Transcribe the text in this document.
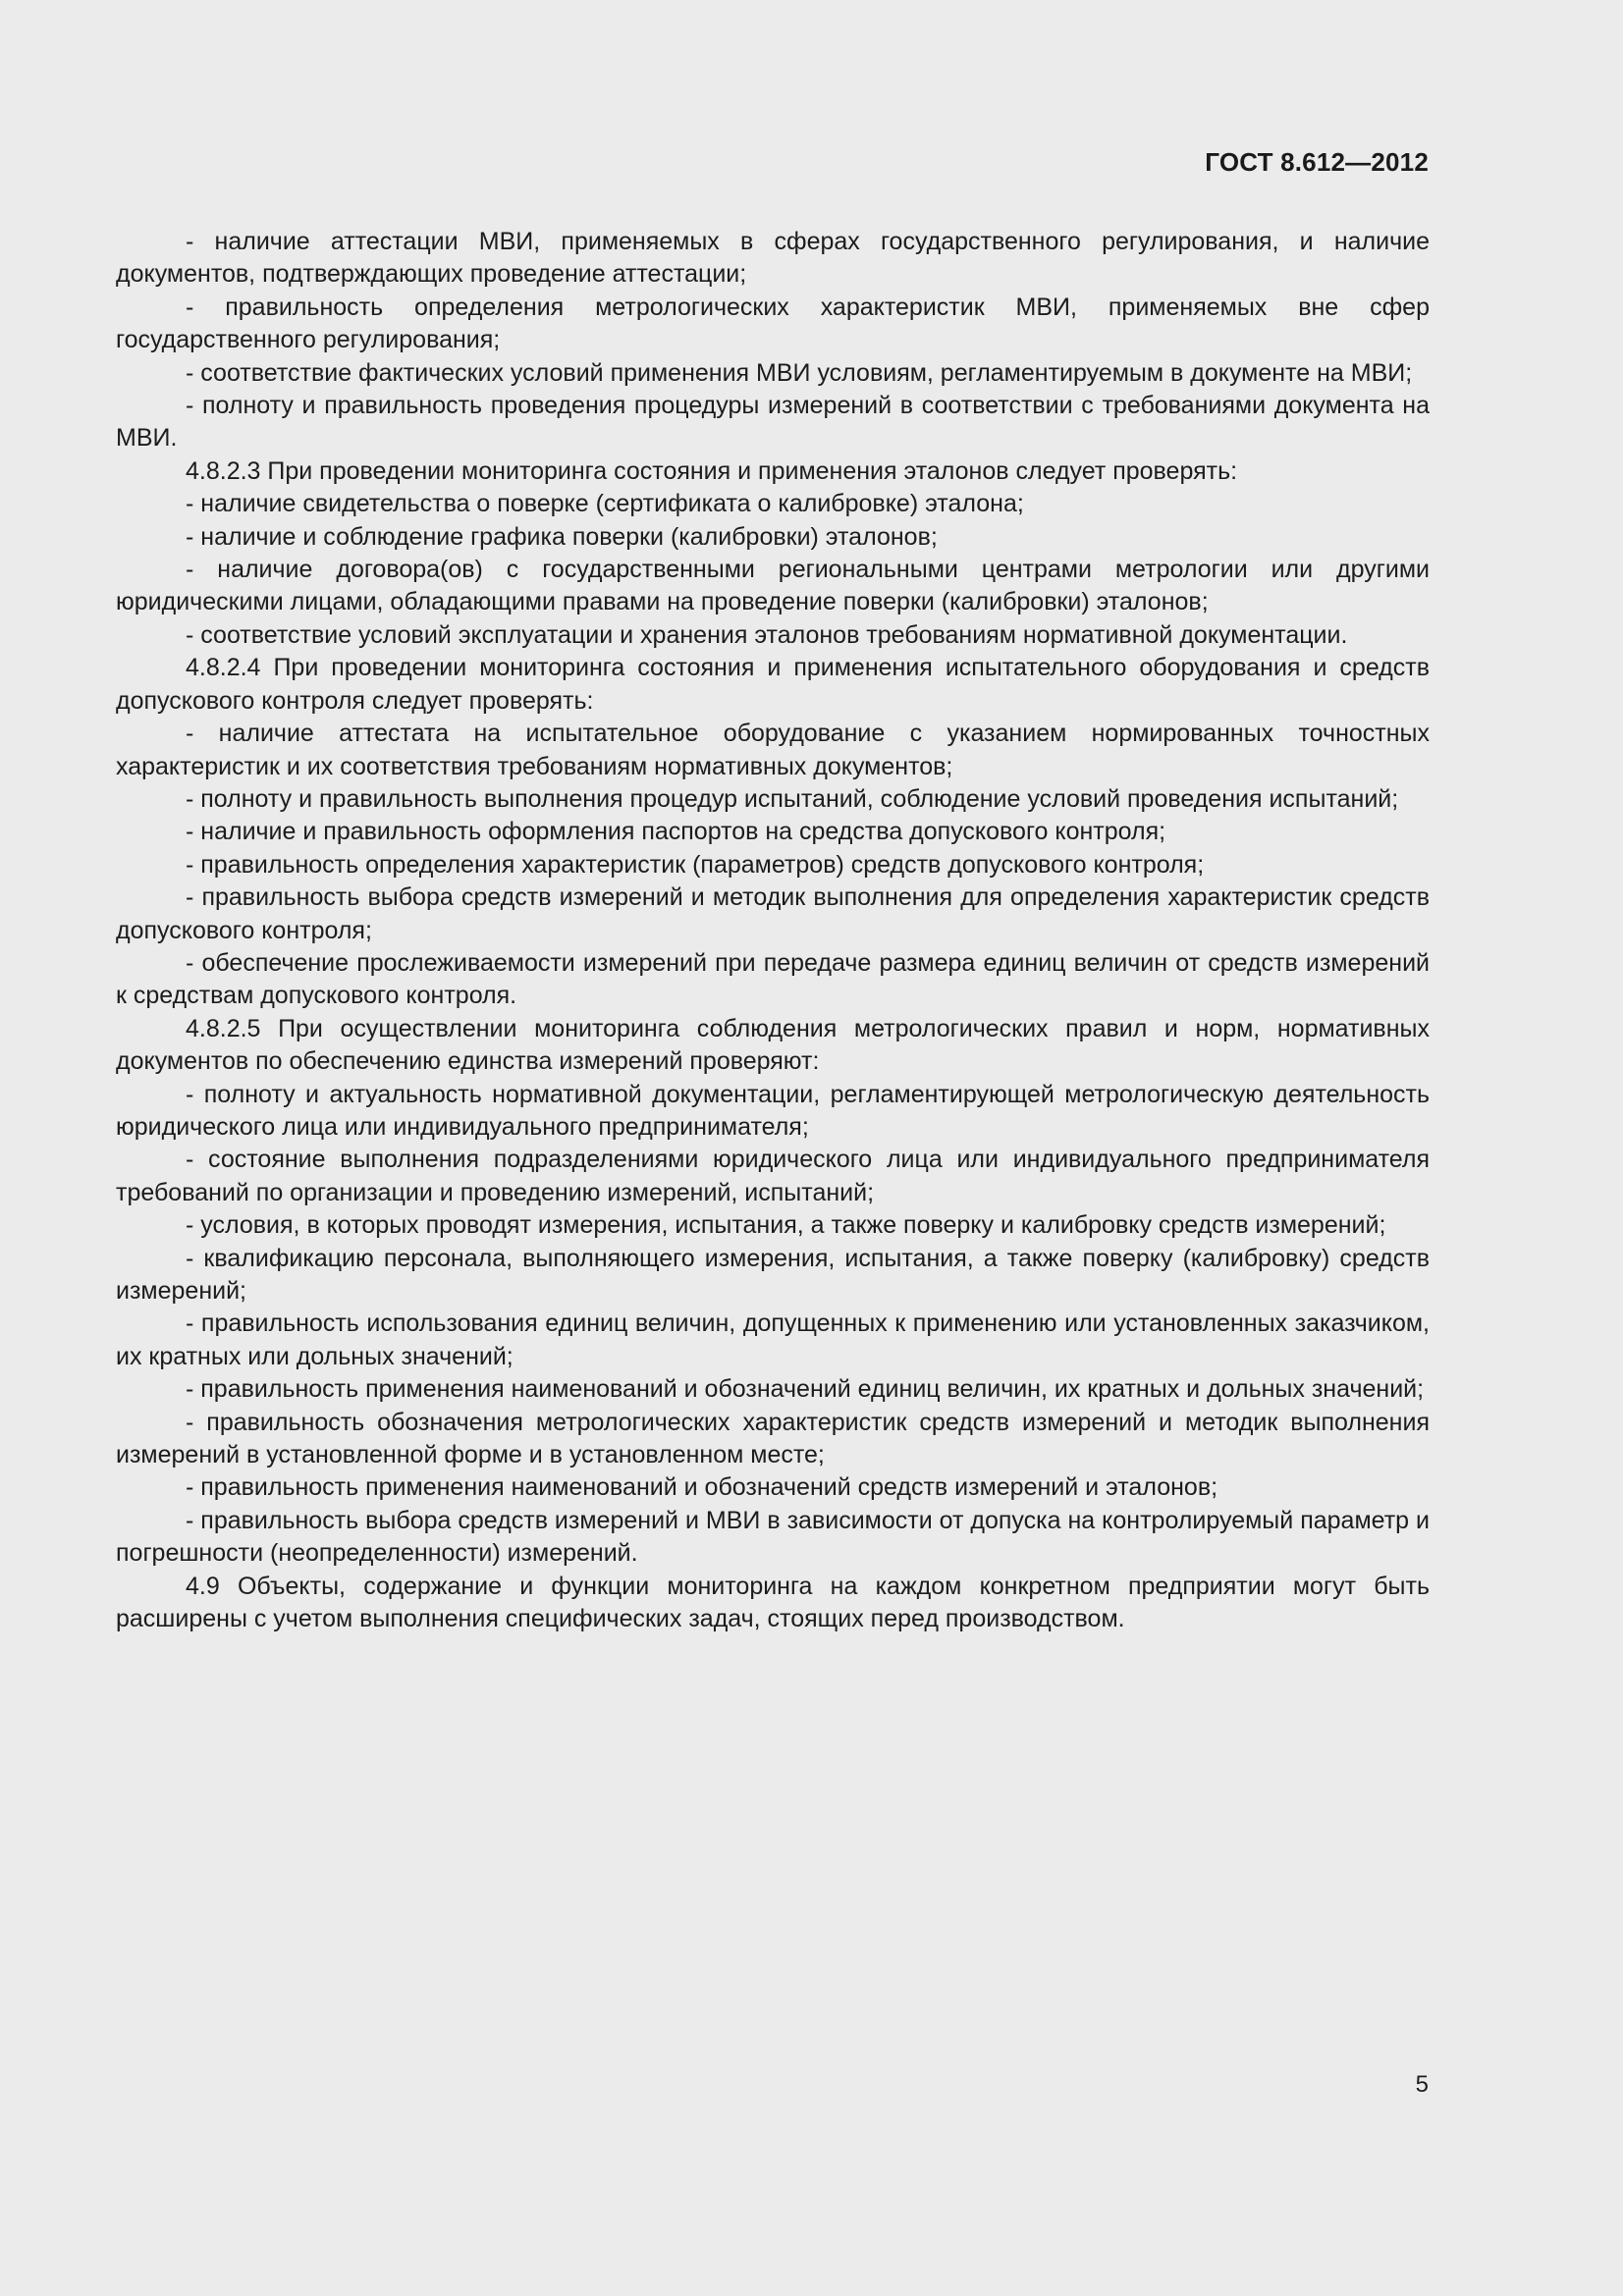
ГОСТ 8.612—2012

- наличие аттестации МВИ, применяемых в сферах государственного регулирования, и наличие документов, подтверждающих проведение аттестации;

- правильность определения метрологических характеристик МВИ, применяемых вне сфер государственного регулирования;

- соответствие фактических условий применения МВИ условиям, регламентируемым в документе на МВИ;

- полноту и правильность проведения процедуры измерений в соответствии с требованиями документа на МВИ.

4.8.2.3 При проведении мониторинга состояния и применения эталонов следует проверять:

- наличие свидетельства о поверке (сертификата о калибровке) эталона;

- наличие и соблюдение графика поверки (калибровки) эталонов;

- наличие договора(ов) с государственными региональными центрами метрологии или другими юридическими лицами, обладающими правами на проведение поверки (калибровки) эталонов;

- соответствие условий эксплуатации и хранения эталонов требованиям нормативной документации.

4.8.2.4 При проведении мониторинга состояния и применения испытательного оборудования и средств допускового контроля следует проверять:

- наличие аттестата на испытательное оборудование с указанием нормированных точностных характеристик и их соответствия требованиям нормативных документов;

- полноту и правильность выполнения процедур испытаний, соблюдение условий проведения испытаний;

- наличие и правильность оформления паспортов на средства допускового контроля;

- правильность определения характеристик (параметров) средств допускового контроля;

- правильность выбора средств измерений и методик выполнения для определения характеристик средств допускового контроля;

- обеспечение прослеживаемости измерений при передаче размера единиц величин от средств измерений к средствам допускового контроля.

4.8.2.5 При осуществлении мониторинга соблюдения метрологических правил и норм, нормативных документов по обеспечению единства измерений проверяют:

- полноту и актуальность нормативной документации, регламентирующей метрологическую деятельность юридического лица или индивидуального предпринимателя;

- состояние выполнения подразделениями юридического лица или индивидуального предпринимателя требований по организации и проведению измерений, испытаний;

- условия, в которых проводят измерения, испытания, а также поверку и калибровку средств измерений;

- квалификацию персонала, выполняющего измерения, испытания, а также поверку (калибровку) средств измерений;

- правильность использования единиц величин, допущенных к применению или установленных заказчиком, их кратных или дольных значений;

- правильность применения наименований и обозначений единиц величин, их кратных и дольных значений;

- правильность обозначения метрологических характеристик средств измерений и методик выполнения измерений в установленной форме и в установленном месте;

- правильность применения наименований и обозначений средств измерений и эталонов;

- правильность выбора средств измерений и МВИ в зависимости от допуска на контролируемый параметр и погрешности (неопределенности) измерений.

4.9 Объекты, содержание и функции мониторинга на каждом конкретном предприятии могут быть расширены с учетом выполнения специфических задач, стоящих перед производством.

5
